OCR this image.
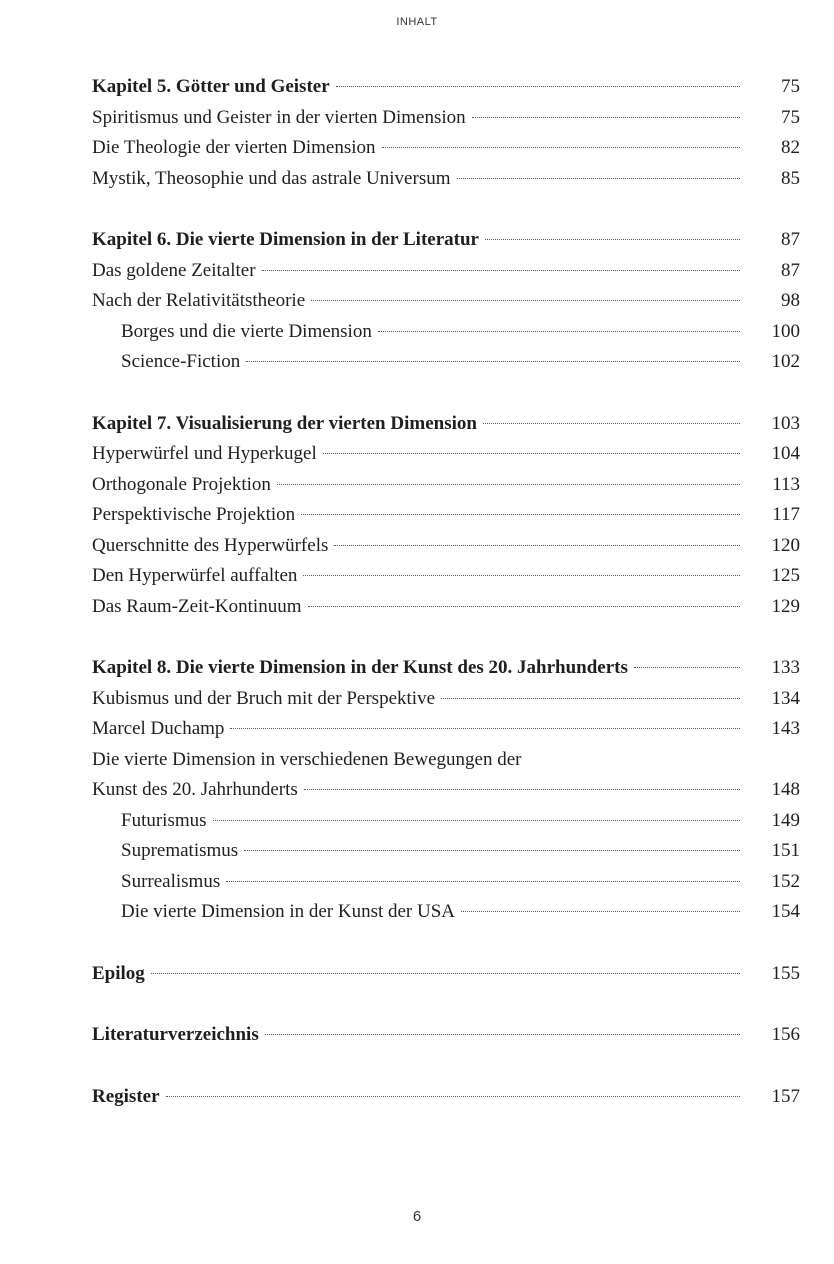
INHALT
Kapitel 5. Götter und Geister	75
Spiritismus und Geister in der vierten Dimension	75
Die Theologie der vierten Dimension	82
Mystik, Theosophie und das astrale Universum	85
Kapitel 6. Die vierte Dimension in der Literatur	87
Das goldene Zeitalter	87
Nach der Relativitätstheorie	98
Borges und die vierte Dimension	100
Science-Fiction	102
Kapitel 7. Visualisierung der vierten Dimension	103
Hyperwürfel und Hyperkugel	104
Orthogonale Projektion	113
Perspektivische Projektion	117
Querschnitte des Hyperwürfels	120
Den Hyperwürfel auffalten	125
Das Raum-Zeit-Kontinuum	129
Kapitel 8. Die vierte Dimension in der Kunst des 20. Jahrhunderts	133
Kubismus und der Bruch mit der Perspektive	134
Marcel Duchamp	143
Die vierte Dimension in verschiedenen Bewegungen der
Kunst des 20. Jahrhunderts	148
Futurismus	149
Suprematismus	151
Surrealismus	152
Die vierte Dimension in der Kunst der USA	154
Epilog	155
Literaturverzeichnis	156
Register	157
6
